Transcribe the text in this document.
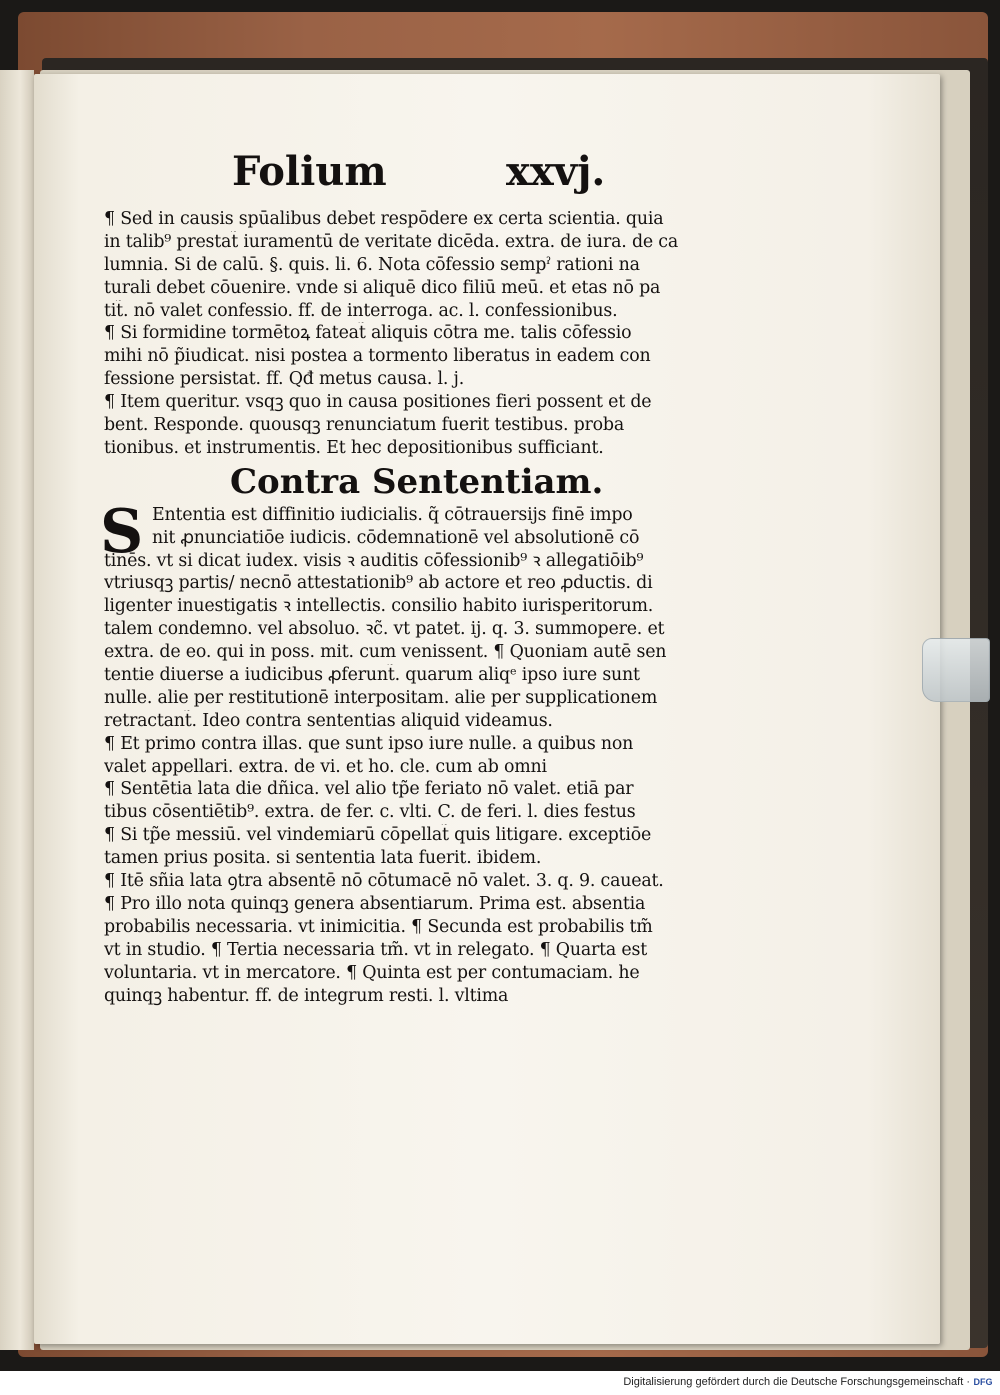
Folium	xxvj.
¶ Sed in causis spūalibus debet respōdere ex certa scientia. quia
in talib⁹ prestat̃ iuramentū de veritate dicēda. extra. de iura. de ca
lumnia. Si de calū. §. quis. li. 6. Nota cōfessio sempˀ rationi na
turali debet cōuenire. vnde si aliquē dico filiū meū. et etas nō pa
tit̃. nō valet confessio. ff. de interroga. ac. l. confessionibus.
¶ Si formidine tormētoꝝ fateat̃ aliquis cōtra me. talis cōfessio
mihi nō p̃iudicat. nisi postea a tormento liberatus in eadem con
fessione persistat. ff. Qđ metus causa. l. j.
¶ Item queritur. vsqꝫ quo in causa positiones fieri possent et de
bent. Responde. quousqꝫ renunciatum fuerit testibus. proba
tionibus. et instrumentis. Et hec depositionibus sufficiant.
Contra Sententiam.
S Ententia est diffinitio iudicialis. q̃ cōtrauersijs finē impo
nit ꝓnunciatiōe iudicis. cōdemnationē vel absolutionē cō
tinēs. vt si dicat iudex. visis ꝛ auditis cōfessionib⁹ ꝛ allegatiōib⁹
vtriusqꝫ partis/ necnō attestationib⁹ ab actore et reo ꝓductis. di
ligenter inuestigatis ꝛ intellectis. consilio habito iurisperitorum.
talem condemno. vel absoluo. ꝛc̃. vt patet. ij. q. 3. summopere. et
extra. de eo. qui in poss. mit. cum venissent. ¶ Quoniam autē sen
tentie diuerse a iudicibus ꝓferunt̃. quarum aliqᵉ ipso iure sunt
nulle. alie per restitutionē interpositam. alie per supplicationem
retractant̃. Ideo contra sententias aliquid videamus.
¶ Et primo contra illas. que sunt ipso iure nulle. a quibus non
valet appellari. extra. de vi. et ho. cle. cum ab omni
¶ Sentētia lata die dñica. vel alio tp̃e feriato nō valet. etiā par
tibus cōsentiētib⁹. extra. de fer. c. vlti. C. de feri. l. dies festus
¶ Si tp̃e messiū. vel vindemiarū cōpellat̃ quis litigare. exceptiōe
tamen prius posita. si sententia lata fuerit. ibidem.
¶ Itē sñia lata ꝯtra absentē nō cōtumacē nō valet. 3. q. 9. caueat.
¶ Pro illo nota quinqꝫ genera absentiarum. Prima est. absentia
probabilis necessaria. vt inimicitia. ¶ Secunda est probabilis tm̃
vt in studio. ¶ Tertia necessaria tm̃. vt in relegato. ¶ Quarta est
voluntaria. vt in mercatore. ¶ Quinta est per contumaciam. he
quinqꝫ habentur. ff. de integrum resti. l. vltima
Digitalisierung gefördert durch die Deutsche Forschungsgemeinschaft · DFG
